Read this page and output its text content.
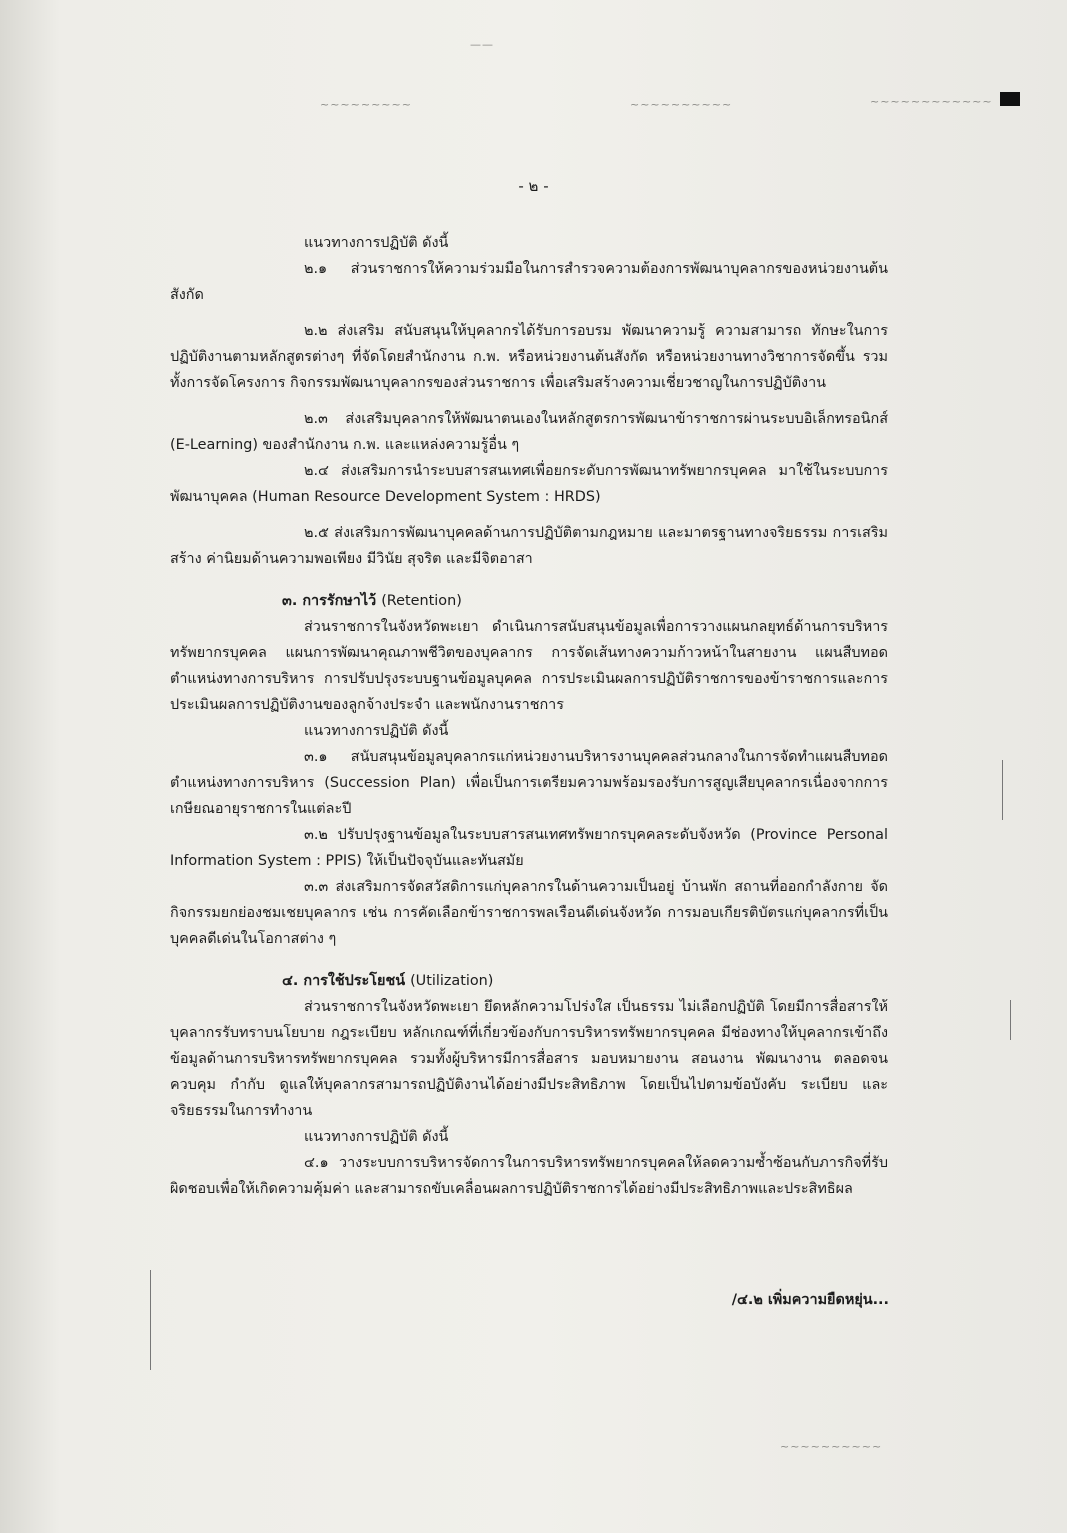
~~~~~~~~~	~~~~~~~~~~	~~~~~~~~~~~~
——
~~~~~~~~~~
- ๒ -

แนวทางการปฏิบัติ ดังนี้

๒.๑ ส่วนราชการให้ความร่วมมือในการสำรวจความต้องการพัฒนาบุคลากรของหน่วยงานต้นสังกัด

๒.๒ ส่งเสริม สนับสนุนให้บุคลากรได้รับการอบรม พัฒนาความรู้ ความสามารถ ทักษะในการปฏิบัติงานตามหลักสูตรต่างๆ ที่จัดโดยสำนักงาน ก.พ. หรือหน่วยงานต้นสังกัด หรือหน่วยงานทางวิชาการจัดขึ้น รวมทั้งการจัดโครงการ กิจกรรมพัฒนาบุคลากรของส่วนราชการ เพื่อเสริมสร้างความเชี่ยวชาญในการปฏิบัติงาน

๒.๓ ส่งเสริมบุคลากรให้พัฒนาตนเองในหลักสูตรการพัฒนาข้าราชการผ่านระบบอิเล็กทรอนิกส์ (E-Learning) ของสำนักงาน ก.พ. และแหล่งความรู้อื่น ๆ

๒.๔ ส่งเสริมการนำระบบสารสนเทศเพื่อยกระดับการพัฒนาทรัพยากรบุคคล มาใช้ในระบบการพัฒนาบุคคล (Human Resource Development System : HRDS)

๒.๕ ส่งเสริมการพัฒนาบุคคลด้านการปฏิบัติตามกฎหมาย และมาตรฐานทางจริยธรรม การเสริมสร้าง ค่านิยมด้านความพอเพียง มีวินัย สุจริต และมีจิตอาสา

๓. การรักษาไว้ (Retention)

ส่วนราชการในจังหวัดพะเยา ดำเนินการสนับสนุนข้อมูลเพื่อการวางแผนกลยุทธ์ด้านการบริหารทรัพยากรบุคคล แผนการพัฒนาคุณภาพชีวิตของบุคลากร การจัดเส้นทางความก้าวหน้าในสายงาน แผนสืบทอดตำแหน่งทางการบริหาร การปรับปรุงระบบฐานข้อมูลบุคคล การประเมินผลการปฏิบัติราชการของข้าราชการและการประเมินผลการปฏิบัติงานของลูกจ้างประจำ และพนักงานราชการ

แนวทางการปฏิบัติ ดังนี้

๓.๑ สนับสนุนข้อมูลบุคลากรแก่หน่วยงานบริหารงานบุคคลส่วนกลางในการจัดทำแผนสืบทอดตำแหน่งทางการบริหาร (Succession Plan) เพื่อเป็นการเตรียมความพร้อมรองรับการสูญเสียบุคลากรเนื่องจากการเกษียณอายุราชการในแต่ละปี

๓.๒ ปรับปรุงฐานข้อมูลในระบบสารสนเทศทรัพยากรบุคคลระดับจังหวัด (Province Personal Information System : PPIS) ให้เป็นปัจจุบันและทันสมัย

๓.๓ ส่งเสริมการจัดสวัสดิการแก่บุคลากรในด้านความเป็นอยู่ บ้านพัก สถานที่ออกกำลังกาย จัดกิจกรรมยกย่องชมเชยบุคลากร เช่น การคัดเลือกข้าราชการพลเรือนดีเด่นจังหวัด การมอบเกียรติบัตรแก่บุคลากรที่เป็นบุคคลดีเด่นในโอกาสต่าง ๆ

๔. การใช้ประโยชน์ (Utilization)

ส่วนราชการในจังหวัดพะเยา ยึดหลักความโปร่งใส เป็นธรรม ไม่เลือกปฏิบัติ โดยมีการสื่อสารให้บุคลากรรับทราบนโยบาย กฎระเบียบ หลักเกณฑ์ที่เกี่ยวข้องกับการบริหารทรัพยากรบุคคล มีช่องทางให้บุคลากรเข้าถึงข้อมูลด้านการบริหารทรัพยากรบุคคล รวมทั้งผู้บริหารมีการสื่อสาร มอบหมายงาน สอนงาน พัฒนางาน ตลอดจนควบคุม กำกับ ดูแลให้บุคลากรสามารถปฏิบัติงานได้อย่างมีประสิทธิภาพ โดยเป็นไปตามข้อบังคับ ระเบียบ และจริยธรรมในการทำงาน

แนวทางการปฏิบัติ ดังนี้

๔.๑ วางระบบการบริหารจัดการในการบริหารทรัพยากรบุคคลให้ลดความซ้ำซ้อนกับภารกิจที่รับผิดชอบเพื่อให้เกิดความคุ้มค่า และสามารถขับเคลื่อนผลการปฏิบัติราชการได้อย่างมีประสิทธิภาพและประสิทธิผล

/๔.๒ เพิ่มความยืดหยุ่น...
